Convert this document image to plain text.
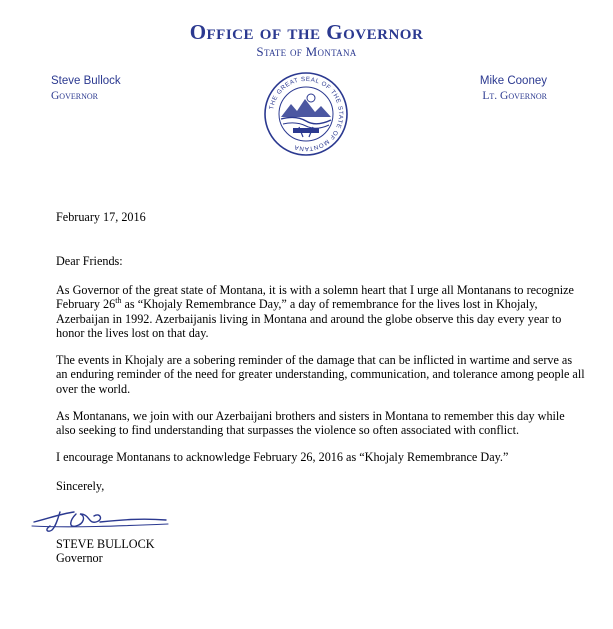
Office of the Governor
State of Montana
Steve Bullock
Governor
Mike Cooney
Lt. Governor
THE GREAT SEAL OF THE STATE OF MONTANA
February 17, 2016
Dear Friends:
As Governor of the great state of Montana, it is with a solemn heart that I urge all Montanans to recognize February 26th as “Khojaly Remembrance Day,” a day of remembrance for the lives lost in Khojaly, Azerbaijan in 1992. Azerbaijanis living in Montana and around the globe observe this day every year to honor the lives lost on that day.
The events in Khojaly are a sobering reminder of the damage that can be inflicted in wartime and serve as an enduring reminder of the need for greater understanding, communication, and tolerance among people all over the world.
As Montanans, we join with our Azerbaijani brothers and sisters in Montana to remember this day while also seeking to find understanding that surpasses the violence so often associated with conflict.
I encourage Montanans to acknowledge February 26, 2016 as “Khojaly Remembrance Day.”
Sincerely,
STEVE BULLOCK
Governor
